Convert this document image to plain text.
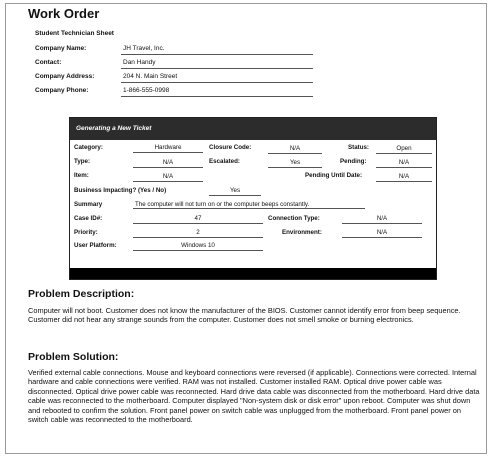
Work Order
Student Technician Sheet
Company Name:	JH Travel, Inc.
Contact:	Dan Handy
Company Address:	204 N. Main Street
Company Phone:	1-866-555-0998
Generating a New Ticket
Category:	Hardware	Closure Code:	N/A	Status:	Open
Type:	N/A	Escalated:	Yes	Pending:	N/A
Item:	N/A	Pending Until Date:	N/A
Business Impacting? (Yes / No)	Yes
Summary	The computer will not turn on or the computer beeps constantly.
Case ID#:	47	Connection Type:	N/A
Priority:	2	Environment:	N/A
User Platform:	Windows 10
Problem Description:
Computer will not boot. Customer does not know the manufacturer of the BIOS. Customer cannot identify error from beep sequence. Customer did not hear any strange sounds from the computer. Customer does not smell smoke or burning electronics.
Problem Solution:
Verified external cable connections. Mouse and keyboard connections were reversed (if applicable). Connections were corrected. Internal hardware and cable connections were verified. RAM was not installed. Customer installed RAM. Optical drive power cable was disconnected. Optical drive power cable was reconnected. Hard drive data cable was disconnected from the motherboard. Hard drive data cable was reconnected to the motherboard. Computer displayed "Non-system disk or disk error" upon reboot. Computer was shut down and rebooted to confirm the solution. Front panel power on switch cable was unplugged from the motherboard. Front panel power on switch cable was reconnected to the motherboard.
